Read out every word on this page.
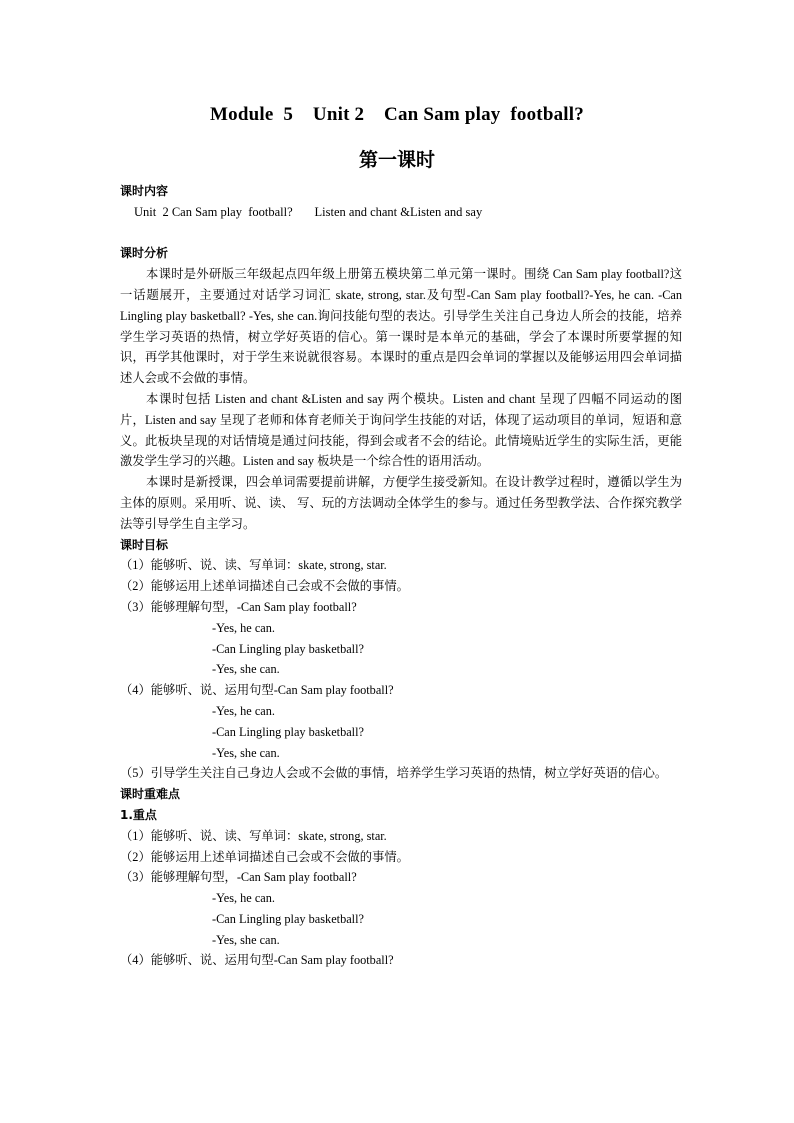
Module  5    Unit 2    Can Sam play  football?
第一课时
课时内容
Unit  2 Can Sam play  football?       Listen and chant &Listen and say
课时分析

本课时是外研版三年级起点四年级上册第五模块第二单元第一课时。围绕 Can Sam play football?这一话题展开，主要通过对话学习词汇 skate, strong, star.及句型-Can Sam play football?-Yes, he can. -Can Lingling play basketball? -Yes, she can.询问技能句型的表达。引导学生关注自己身边人所会的技能，培养学生学习英语的热情，树立学好英语的信心。第一课时是本单元的基础，学会了本课时所要掌握的知识，再学其他课时，对于学生来说就很容易。本课时的重点是四会单词的掌握以及能够运用四会单词描述人会或不会做的事情。

本课时包括 Listen and chant &Listen and say 两个模块。Listen and chant 呈现了四幅不同运动的图片，Listen and say 呈现了老师和体育老师关于询问学生技能的对话，体现了运动项目的单词，短语和意义。此板块呈现的对话情境是通过问技能，得到会或者不会的结论。此情境贴近学生的实际生活，更能激发学生学习的兴趣。Listen and say 板块是一个综合性的语用活动。

本课时是新授课，四会单词需要提前讲解，方便学生接受新知。在设计教学过程时，遵循以学生为主体的原则。采用听、说、读、 写、玩的方法调动全体学生的参与。通过任务型教学法、合作探究教学法等引导学生自主学习。

课时目标
（1）能够听、说、读、写单词：skate, strong, star.
（2）能够运用上述单词描述自己会或不会做的事情。
（3）能够理解句型，-Can Sam play football?
-Yes, he can.
-Can Lingling play basketball?
-Yes, she can.
（4）能够听、说、运用句型-Can Sam play football?
-Yes, he can.
-Can Lingling play basketball?
-Yes, she can.
（5）引导学生关注自己身边人会或不会做的事情，培养学生学习英语的热情，树立学好英语的信心。
课时重难点
1.重点
（1）能够听、说、读、写单词：skate, strong, star.
（2）能够运用上述单词描述自己会或不会做的事情。
（3）能够理解句型，-Can Sam play football?
-Yes, he can.
-Can Lingling play basketball?
-Yes, she can.
（4）能够听、说、运用句型-Can Sam play football?
